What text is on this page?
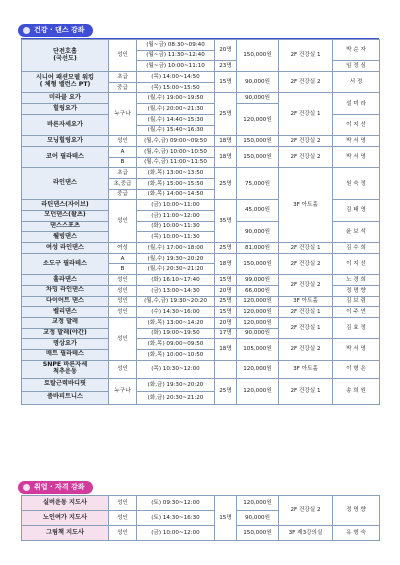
건강 · 댄스 강좌
단전호흡
(국선도)	성인	(월~금) 08:30~09:40	20명	150,000원	2F 건강실 1	박 순 자
		(월~금) 11:30~12:40				
		(월~금) 10:00~11:10	23명			임 정 심
시니어 패션모델 워킹
( 체형 밸런스 PT)	초급	(목) 14:00~14:50	15명	90,000원	2F 건강실 2	서 정
	중급	(목) 15:00~15:50				
미라클 요가	누구나	(월,수) 19:00~19:50	25명	90,000원	2F 건강실 1	설 미 라
힐링요가		(월,수) 20:00~21:30		120,000원		
바른자세요가		(월,수) 14:40~15:30				이 지 선
		(월,수) 15:40~16:30				
모닝힐링요가	성인	(월,수,금) 09:00~09:50	18명	150,000원	2F 건강실 2	박 서 영
코어 필라테스	A	(월,수,금) 10:00~10:50	18명	150,000원	2F 건강실 2	박 서 영
	B	(월,수,금) 11:00~11:50				
라인댄스	초급	(화,목) 13:00~13:50	25명	75,000원	3F 아트홀	원 숙 정
	초,중급	(화,목) 15:00~15:50				
	중급	(화,목) 14:00~14:50				
라틴댄스(자이브)	성인	(금) 10:00~11:00	35명	45,000원		김 태 영
모던댄스(왈츠)		(금) 11:00~12:00				
댄스스포츠		(화) 10:00~11:30		90,000원		윤 보 석
웰빙댄스		(목) 10:00~11:30				
여성 라인댄스	여성	(월,수) 17:00~18:00	25명	81,000원	2F 건강실 1	김 수 희
소도구 필라테스	A	(월,수) 19:30~20:20	18명	150,000원	2F 건강실 2	이 지 선
	B	(월,수) 20:30~21:20				
훌라댄스	성인	(화) 16:10~17:40	15명	99,000원	2F 건강실 2	노 경 희
차밍 라인댄스	성인	(금) 13:00~14:30	20명	66,000원		정 명 향
다이어트 댄스	성인	(월,수,금) 19:30~20:20	25명	120,000원	3F 아트홀	김 보 림
벨리댄스	성인	(수) 14:30~16:00	15명	120,000원	2F 건강실 1	이 주 연
교정 발레	성인	(화,목) 13:00~14:20	20명	120,000원	2F 건강실 1	김 효 정
교정 발레(야간)		(화) 19:00~19:50	17명	90,000원		
명상요가		(화,목) 09:00~09:50	18명	105,000원	2F 건강실 2	박 서 영
매트 필라테스		(화,목) 10:00~10:50				
SNPE 바른자세
척추운동	성인	(목) 10:30~12:00		120,000원	3F 아트홀	이 형 은
토탈근력바디핏	누구나	(화,금) 19:30~20:20	25명	120,000원	2F 건강실 1	송 희 원
줌바피트니스		(화,금) 20:30~21:20				
취업 · 자격 강좌
실버운동 지도사	성인	(토) 09:30~12:00	15명	120,000원	2F 건강실 2	정 명 향
노인여가 지도사	성인	(토) 14:30~16:30		90,000원		
그림책 지도사	성인	(금) 10:00~12:00		150,000원	3F 제3강의실	유 형 숙
